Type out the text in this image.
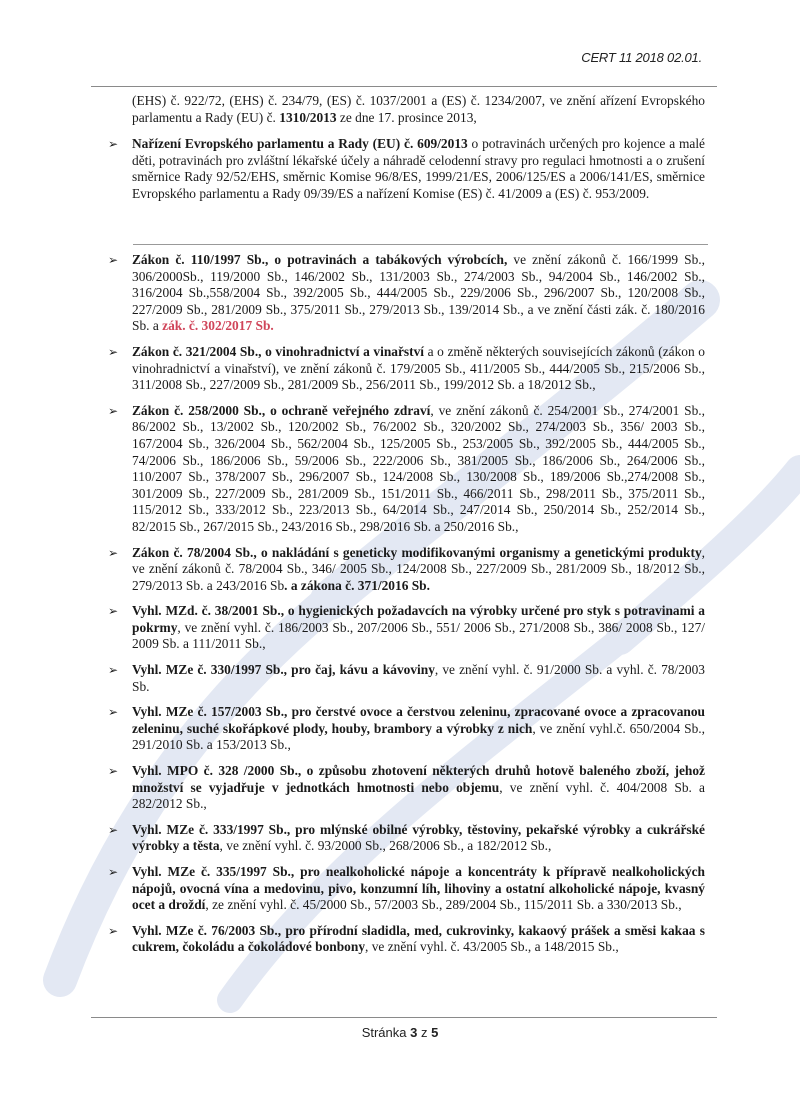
CERT 11 2018 02.01.
(EHS) č. 922/72, (EHS) č. 234/79, (ES) č. 1037/2001 a (ES) č. 1234/2007, ve znění ařízení Evropského parlamentu a Rady (EU) č. 1310/2013 ze dne 17. prosince 2013,

➢ Nařízení Evropského parlamentu a Rady (EU) č. 609/2013 o potravinách určených pro kojence a malé děti, potravinách pro zvláštní lékařské účely a náhradě celodenní stravy pro regulaci hmotnosti a o zrušení směrnice Rady 92/52/EHS, směrnic Komise 96/8/ES, 1999/21/ES, 2006/125/ES a 2006/141/ES, směrnice Evropského parlamentu a Rady 09/39/ES a nařízení Komise (ES) č. 41/2009 a (ES) č. 953/2009.

➢ Zákon č. 110/1997 Sb., o potravinách a tabákových výrobcích, ve znění zákonů č. 166/1999 Sb., 306/2000Sb., 119/2000 Sb., 146/2002 Sb., 131/2003 Sb., 274/2003 Sb., 94/2004 Sb., 146/2002 Sb., 316/2004 Sb.,558/2004 Sb., 392/2005 Sb., 444/2005 Sb., 229/2006 Sb., 296/2007 Sb., 120/2008 Sb., 227/2009 Sb., 281/2009 Sb., 375/2011 Sb., 279/2013 Sb., 139/2014 Sb., a ve znění části zák. č. 180/2016 Sb. a zák. č. 302/2017 Sb.

➢ Zákon č. 321/2004 Sb., o vinohradnictví a vinařství a o změně některých souvisejících zákonů (zákon o vinohradnictví a vinařství), ve znění zákonů č. 179/2005 Sb., 411/2005 Sb., 444/2005 Sb., 215/2006 Sb., 311/2008 Sb., 227/2009 Sb., 281/2009 Sb., 256/2011 Sb., 199/2012 Sb. a 18/2012 Sb.,

➢ Zákon č. 258/2000 Sb., o ochraně veřejného zdraví, ve znění zákonů č. 254/2001 Sb., 274/2001 Sb., 86/2002 Sb., 13/2002 Sb., 120/2002 Sb., 76/2002 Sb., 320/2002 Sb., 274/2003 Sb., 356/ 2003 Sb., 167/2004 Sb., 326/2004 Sb., 562/2004 Sb., 125/2005 Sb., 253/2005 Sb., 392/2005 Sb., 444/2005 Sb., 74/2006 Sb., 186/2006 Sb., 59/2006 Sb., 222/2006 Sb., 381/2005 Sb., 186/2006 Sb., 264/2006 Sb., 110/2007 Sb., 378/2007 Sb., 296/2007 Sb., 124/2008 Sb., 130/2008 Sb., 189/2006 Sb.,274/2008 Sb., 301/2009 Sb., 227/2009 Sb., 281/2009 Sb., 151/2011 Sb., 466/2011 Sb., 298/2011 Sb., 375/2011 Sb., 115/2012 Sb., 333/2012 Sb., 223/2013 Sb., 64/2014 Sb., 247/2014 Sb., 250/2014 Sb., 252/2014 Sb., 82/2015 Sb., 267/2015 Sb., 243/2016 Sb., 298/2016 Sb. a 250/2016 Sb.,

➢ Zákon č. 78/2004 Sb., o nakládání s geneticky modifikovanými organismy a genetickými produkty, ve znění zákonů č. 78/2004 Sb., 346/ 2005 Sb., 124/2008 Sb., 227/2009 Sb., 281/2009 Sb., 18/2012 Sb., 279/2013 Sb. a 243/2016 Sb. a zákona č. 371/2016 Sb.

➢ Vyhl. MZd. č. 38/2001 Sb., o hygienických požadavcích na výrobky určené pro styk s potravinami a pokrmy, ve znění vyhl. č. 186/2003 Sb., 207/2006 Sb., 551/ 2006 Sb., 271/2008 Sb., 386/ 2008 Sb., 127/ 2009 Sb. a 111/2011 Sb.,

➢ Vyhl. MZe č. 330/1997 Sb., pro čaj, kávu a kávoviny, ve znění vyhl. č. 91/2000 Sb. a vyhl. č. 78/2003 Sb.

➢ Vyhl. MZe č. 157/2003 Sb., pro čerstvé ovoce a čerstvou zeleninu, zpracované ovoce a zpracovanou zeleninu, suché skořápkové plody, houby, brambory a výrobky z nich, ve znění vyhl.č. 650/2004 Sb., 291/2010 Sb. a 153/2013 Sb.,

➢ Vyhl. MPO č. 328 /2000 Sb., o způsobu zhotovení některých druhů hotově baleného zboží, jehož množství se vyjadřuje v jednotkách hmotnosti nebo objemu, ve znění vyhl. č. 404/2008 Sb. a 282/2012 Sb.,

➢ Vyhl. MZe č. 333/1997 Sb., pro mlýnské obilné výrobky, těstoviny, pekařské výrobky a cukrářské výrobky a těsta, ve znění vyhl. č. 93/2000 Sb., 268/2006 Sb., a 182/2012 Sb.,

➢ Vyhl. MZe č. 335/1997 Sb., pro nealkoholické nápoje a koncentráty k přípravě nealkoholických nápojů, ovocná vína a medovinu, pivo, konzumní líh, lihoviny a ostatní alkoholické nápoje, kvasný ocet a droždí, ze znění vyhl. č. 45/2000 Sb., 57/2003 Sb., 289/2004 Sb., 115/2011 Sb. a 330/2013 Sb.,

➢ Vyhl. MZe č. 76/2003 Sb., pro přírodní sladidla, med, cukrovinky, kakaový prášek a směsi kakaa s cukrem, čokoládu a čokoládové bonbony, ve znění vyhl. č. 43/2005 Sb., a 148/2015 Sb.,

Stránka 3 z 5
